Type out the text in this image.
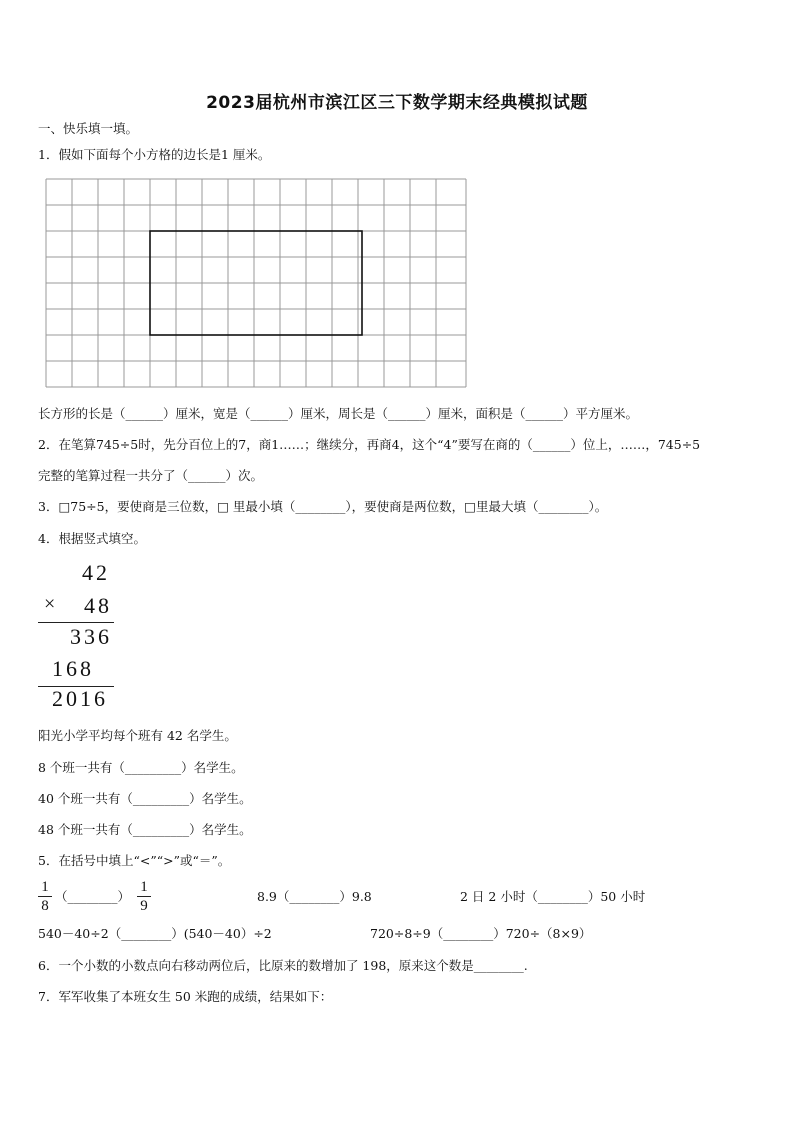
2023届杭州市滨江区三下数学期末经典模拟试题
一、快乐填一填。
1．假如下面每个小方格的边长是1 厘米。
长方形的长是（______）厘米，宽是（______）厘米，周长是（______）厘米，面积是（______）平方厘米。
2．在笔算745÷5时，先分百位上的7，商1……；继续分，再商4，这个“4”要写在商的（______）位上，……，745÷5
完整的笔算过程一共分了（______）次。
3．□75÷5，要使商是三位数，□ 里最小填（________），要使商是两位数，□里最大填（________）。
4．根据竖式填空。
42
× 48
336
168
2016
阳光小学平均每个班有 42 名学生。
8 个班一共有（_________）名学生。
40 个班一共有（_________）名学生。
48 个班一共有（_________）名学生。
5．在括号中填上“<”“>”或“＝”。
1
8
（________）
1
9
8.9（________）9.8	2 日 2 小时（________）50 小时
540－40÷2（________）(540－40）÷2	720÷8÷9（________）720÷（8×9）
6．一个小数的小数点向右移动两位后，比原来的数增加了 198，原来这个数是________.
7．军军收集了本班女生 50 米跑的成绩，结果如下：
